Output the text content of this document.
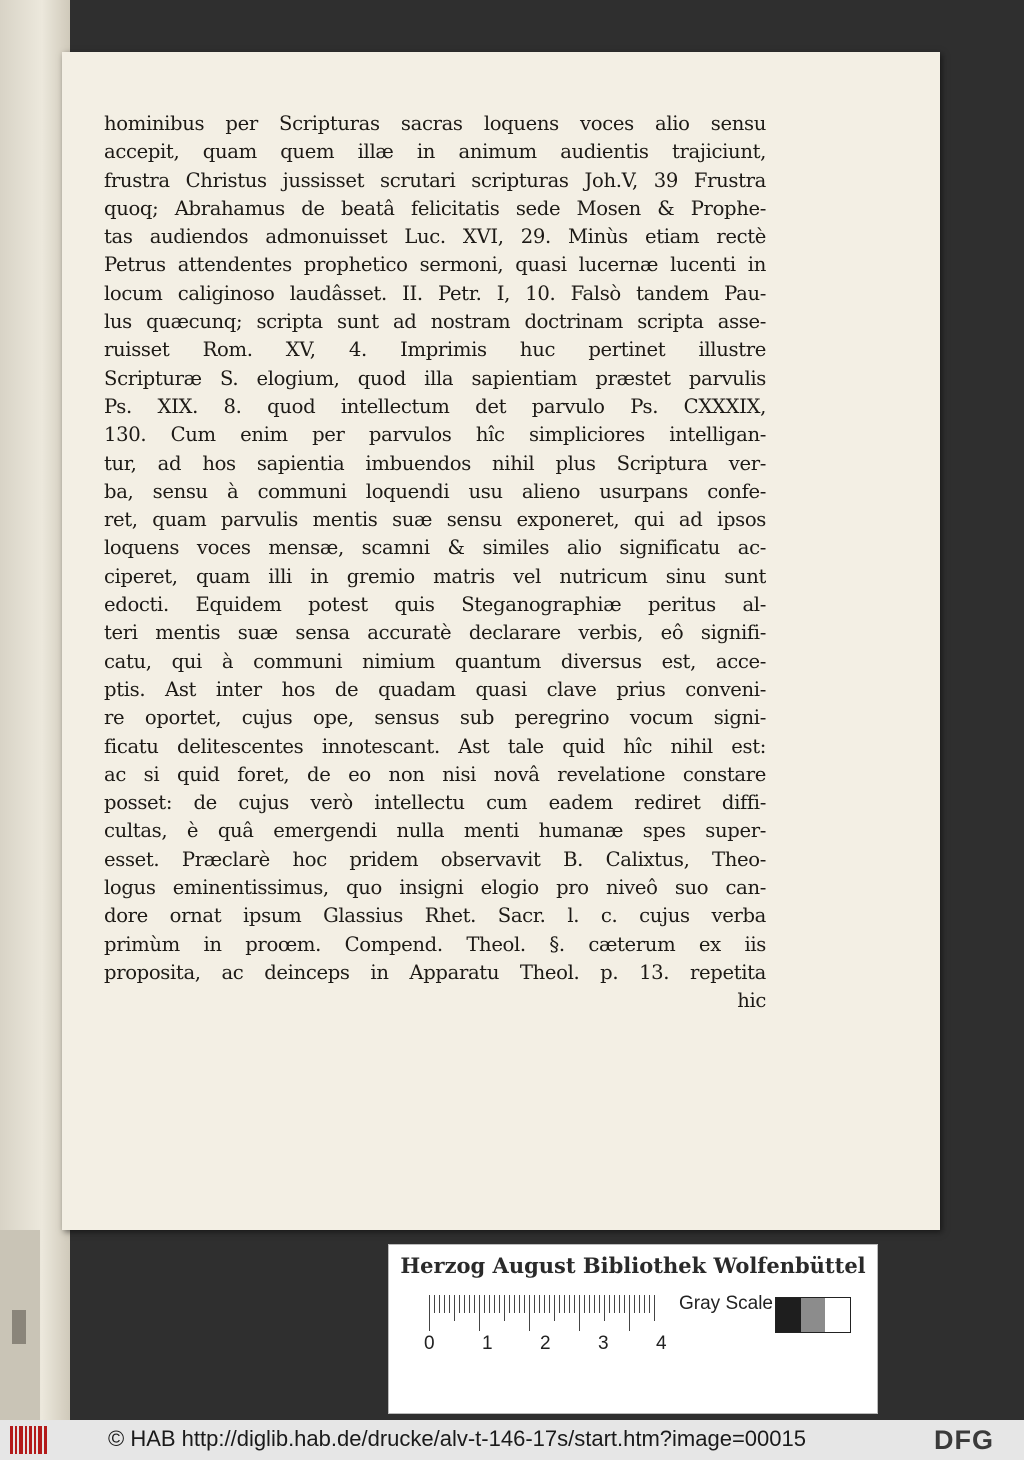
hominibus per Scripturas sacras loquens voces alio sensu
accepit, quam quem illæ in animum audientis trajiciunt,
frustra Christus jussisset scrutari scripturas Joh.V, 39 Frustra
quoq; Abrahamus de beatâ felicitatis sede Mosen & Prophe-
tas audiendos admonuisset Luc. XVI, 29. Minùs etiam rectè
Petrus attendentes prophetico sermoni, quasi lucernæ lucenti in
locum caliginoso laudâsset. II. Petr. I, 10. Falsò tandem Pau-
lus quæcunq; scripta sunt ad nostram doctrinam scripta asse-
ruisset Rom. XV, 4. Imprimis huc pertinet illustre
Scripturæ S. elogium, quod illa sapientiam præstet parvulis
Ps. XIX. 8. quod intellectum det parvulo Ps. CXXXIX,
130. Cum enim per parvulos hîc simpliciores intelligan-
tur, ad hos sapientia imbuendos nihil plus Scriptura ver-
ba, sensu à communi loquendi usu alieno usurpans confe-
ret, quam parvulis mentis suæ sensu exponeret, qui ad ipsos
loquens voces mensæ, scamni & similes alio significatu ac-
ciperet, quam illi in gremio matris vel nutricum sinu sunt
edocti. Equidem potest quis Steganographiæ peritus al-
teri mentis suæ sensa accuratè declarare verbis, eô signifi-
catu, qui à communi nimium quantum diversus est, acce-
ptis. Ast inter hos de quadam quasi clave prius conveni-
re oportet, cujus ope, sensus sub peregrino vocum signi-
ficatu delitescentes innotescant. Ast tale quid hîc nihil est:
ac si quid foret, de eo non nisi novâ revelatione constare
posset: de cujus verò intellectu cum eadem rediret diffi-
cultas, è quâ emergendi nulla menti humanæ spes super-
esset. Præclarè hoc pridem observavit B. Calixtus, Theo-
logus eminentissimus, quo insigni elogio pro niveô suo can-
dore ornat ipsum Glassius Rhet. Sacr. l. c. cujus verba
primùm in proœm. Compend. Theol. §. cæterum ex iis
proposita, ac deinceps in Apparatu Theol. p. 13. repetita
hic
Herzog August Bibliothek Wolfenbüttel
0 1 2 3 4
Gray Scale
© HAB http://diglib.hab.de/drucke/alv-t-146-17s/start.htm?image=00015	DFG
